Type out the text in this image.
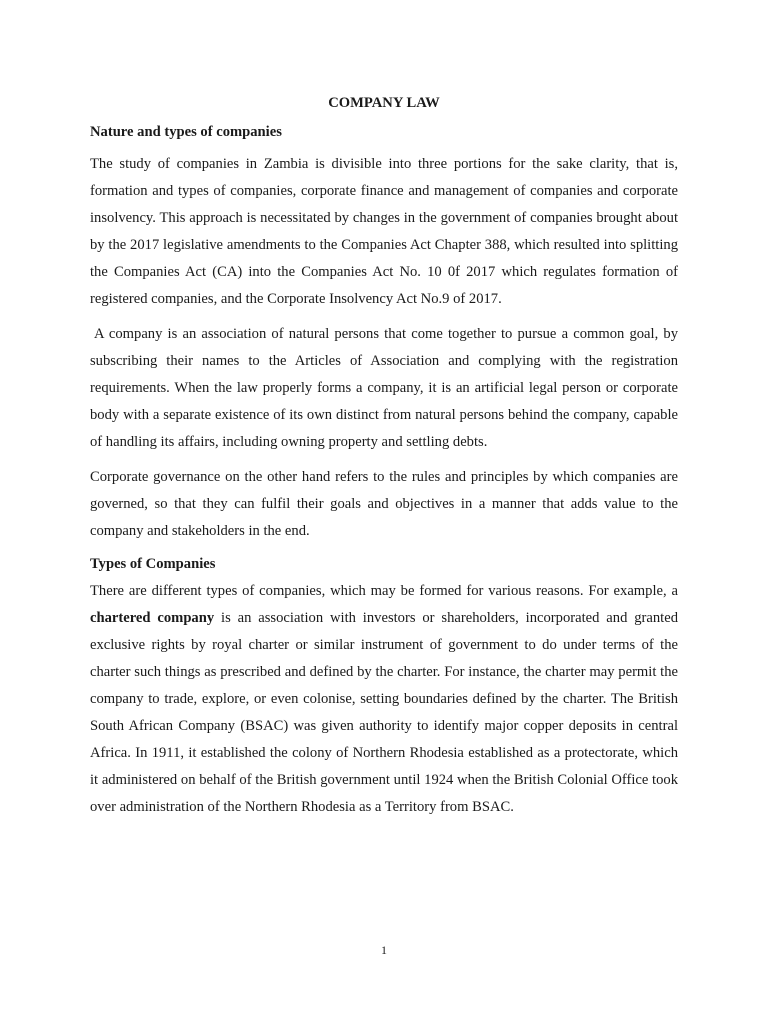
COMPANY LAW
Nature and types of companies

The study of companies in Zambia is divisible into three portions for the sake clarity, that is, formation and types of companies, corporate finance and management of companies and corporate insolvency. This approach is necessitated by changes in the government of companies brought about by the 2017 legislative amendments to the Companies Act Chapter 388, which resulted into splitting the Companies Act (CA) into the Companies Act No. 10 0f 2017 which regulates formation of registered companies, and the Corporate Insolvency Act No.9 of 2017.

A company is an association of natural persons that come together to pursue a common goal, by subscribing their names to the Articles of Association and complying with the registration requirements. When the law properly forms a company, it is an artificial legal person or corporate body with a separate existence of its own distinct from natural persons behind the company, capable of handling its affairs, including owning property and settling debts.

Corporate governance on the other hand refers to the rules and principles by which companies are governed, so that they can fulfil their goals and objectives in a manner that adds value to the company and stakeholders in the end.

Types of Companies

There are different types of companies, which may be formed for various reasons. For example, a chartered company is an association with investors or shareholders, incorporated and granted exclusive rights by royal charter or similar instrument of government to do under terms of the charter such things as prescribed and defined by the charter. For instance, the charter may permit the company to trade, explore, or even colonise, setting boundaries defined by the charter. The British South African Company (BSAC) was given authority to identify major copper deposits in central Africa. In 1911, it established the colony of Northern Rhodesia established as a protectorate, which it administered on behalf of the British government until 1924 when the British Colonial Office took over administration of the Northern Rhodesia as a Territory from BSAC.

1
